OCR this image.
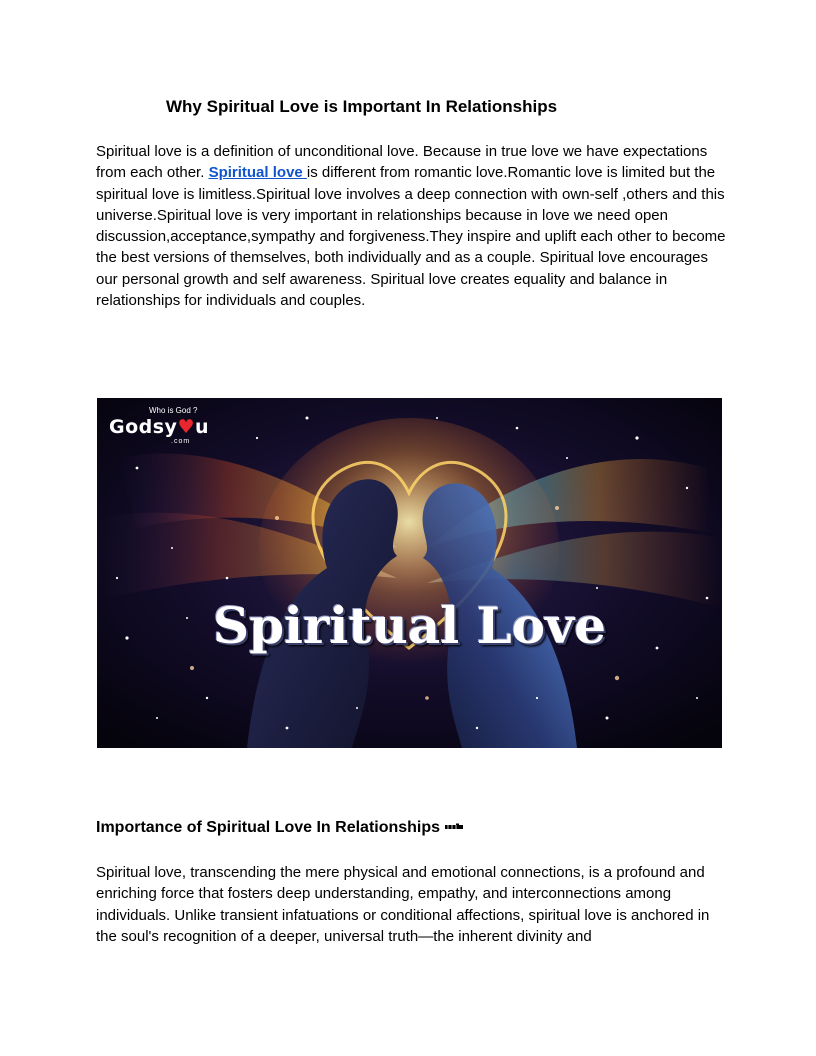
Why Spiritual Love is Important In Relationships

Spiritual love is a definition of unconditional love. Because in true love we have expectations from each other. Spiritual love is different from romantic love.Romantic love is limited but the spiritual love is limitless.Spiritual love involves a deep connection with own-self ,others and this universe.Spiritual love is very important in relationships because in love we need open discussion,acceptance,sympathy and forgiveness.They inspire and uplift each other to become the best versions of themselves, both individually and as a couple. Spiritual love encourages our personal growth and self awareness. Spiritual love creates equality and balance in relationships for individuals and couples.

Who is God ?
Godsy♥u
.com
Spiritual Love
Importance of Spiritual Love In Relationships

Spiritual love, transcending the mere physical and emotional connections, is a profound and enriching force that fosters deep understanding, empathy, and interconnections among individuals. Unlike transient infatuations or conditional affections, spiritual love is anchored in the soul's recognition of a deeper, universal truth—the inherent divinity and
